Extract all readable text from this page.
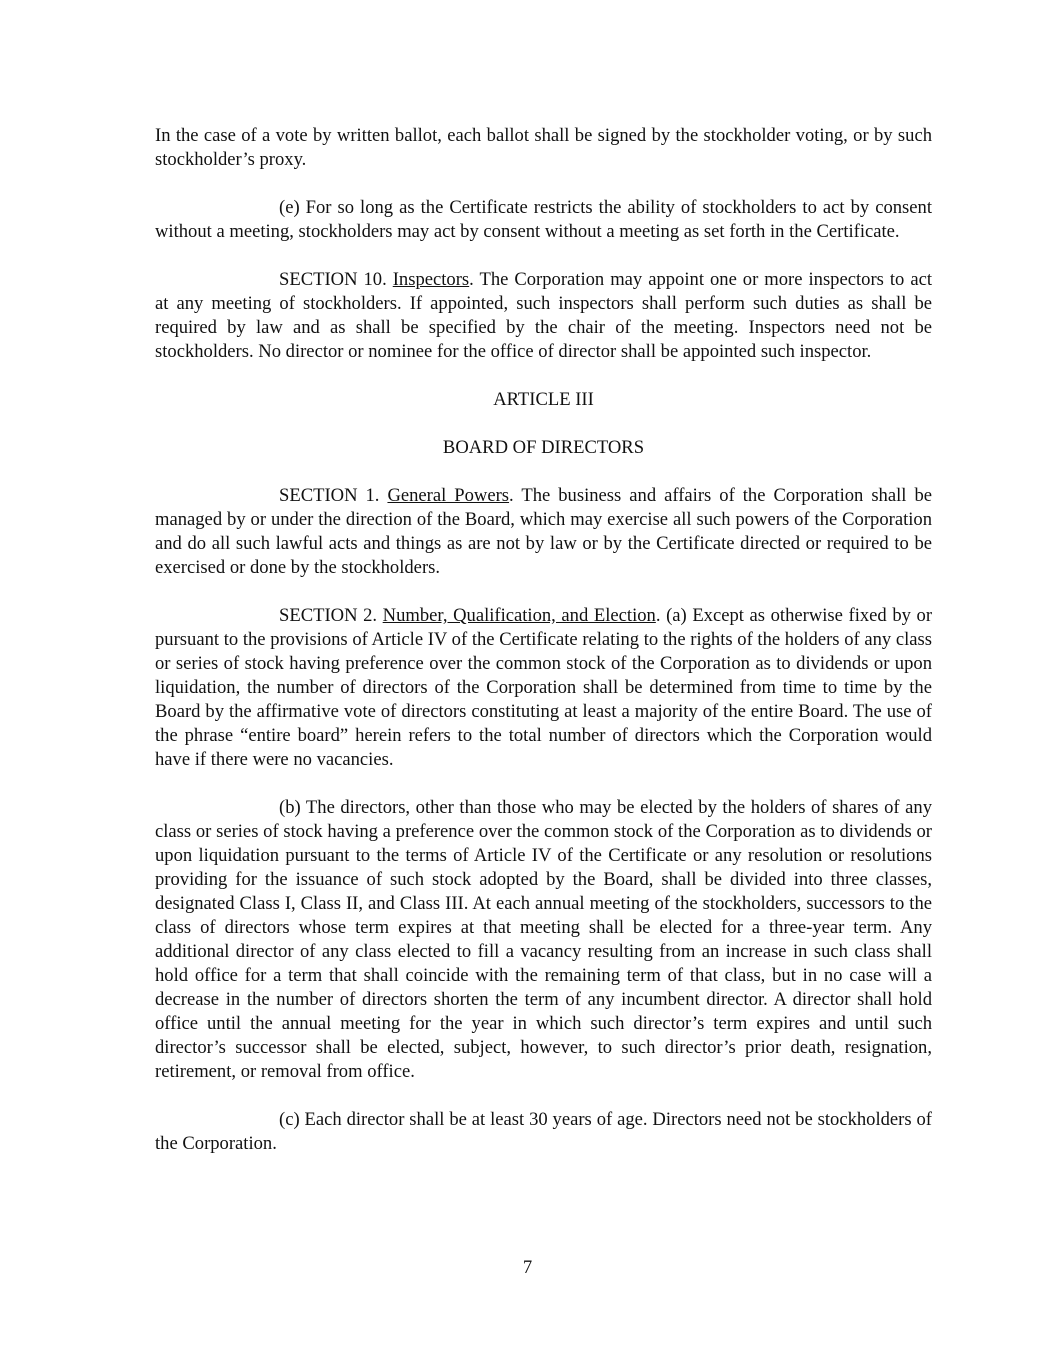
In the case of a vote by written ballot, each ballot shall be signed by the stockholder voting, or by such stockholder’s proxy.

(e) For so long as the Certificate restricts the ability of stockholders to act by consent without a meeting, stockholders may act by consent without a meeting as set forth in the Certificate.

SECTION 10. Inspectors. The Corporation may appoint one or more inspectors to act at any meeting of stockholders. If appointed, such inspectors shall perform such duties as shall be required by law and as shall be specified by the chair of the meeting. Inspectors need not be stockholders. No director or nominee for the office of director shall be appointed such inspector.

ARTICLE III
BOARD OF DIRECTORS

SECTION 1. General Powers. The business and affairs of the Corporation shall be managed by or under the direction of the Board, which may exercise all such powers of the Corporation and do all such lawful acts and things as are not by law or by the Certificate directed or required to be exercised or done by the stockholders.

SECTION 2. Number, Qualification, and Election. (a) Except as otherwise fixed by or pursuant to the provisions of Article IV of the Certificate relating to the rights of the holders of any class or series of stock having preference over the common stock of the Corporation as to dividends or upon liquidation, the number of directors of the Corporation shall be determined from time to time by the Board by the affirmative vote of directors constituting at least a majority of the entire Board. The use of the phrase “entire board” herein refers to the total number of directors which the Corporation would have if there were no vacancies.

(b) The directors, other than those who may be elected by the holders of shares of any class or series of stock having a preference over the common stock of the Corporation as to dividends or upon liquidation pursuant to the terms of Article IV of the Certificate or any resolution or resolutions providing for the issuance of such stock adopted by the Board, shall be divided into three classes, designated Class I, Class II, and Class III. At each annual meeting of the stockholders, successors to the class of directors whose term expires at that meeting shall be elected for a three-year term. Any additional director of any class elected to fill a vacancy resulting from an increase in such class shall hold office for a term that shall coincide with the remaining term of that class, but in no case will a decrease in the number of directors shorten the term of any incumbent director. A director shall hold office until the annual meeting for the year in which such director’s term expires and until such director’s successor shall be elected, subject, however, to such director’s prior death, resignation, retirement, or removal from office.

(c) Each director shall be at least 30 years of age. Directors need not be stockholders of the Corporation.

7
